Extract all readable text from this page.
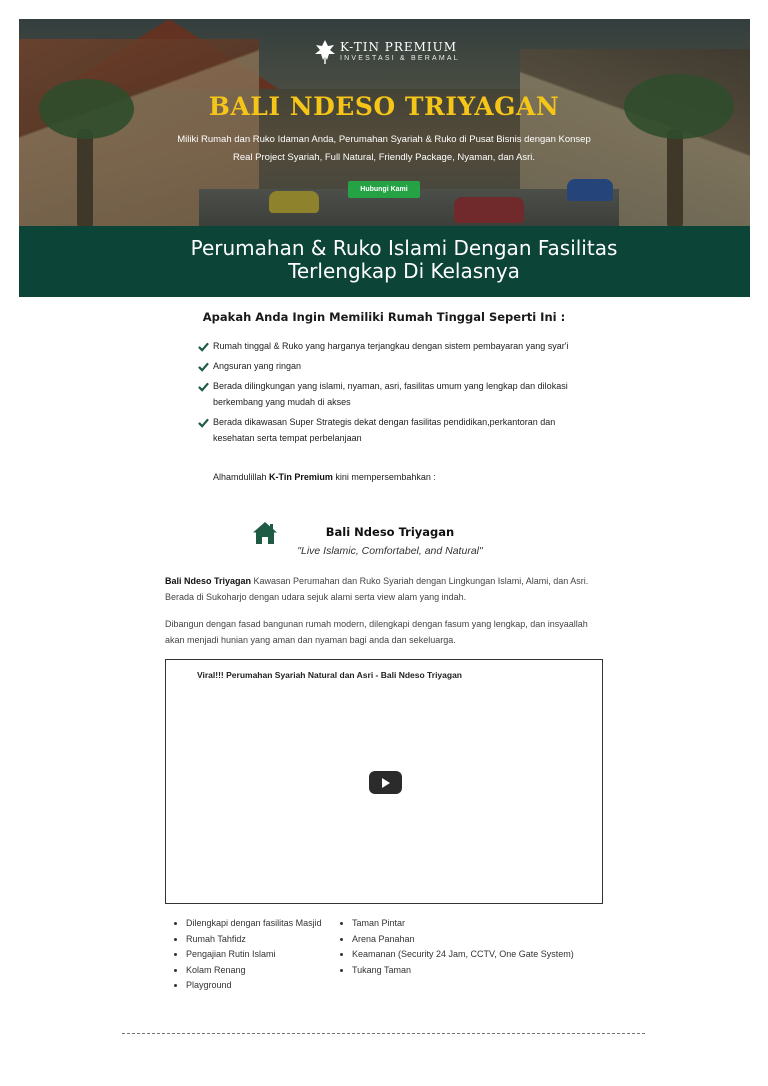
K-TIN PREMIUM
INVESTASI & BERAMAL
BALI NDESO TRIYAGAN

Miliki Rumah dan Ruko Idaman Anda, Perumahan Syariah & Ruko di Pusat Bisnis dengan Konsep Real Project Syariah, Full Natural, Friendly Package, Nyaman, dan Asri.

Hubungi Kami
Perumahan & Ruko Islami Dengan Fasilitas
Terlengkap Di Kelasnya
Apakah Anda Ingin Memiliki Rumah Tinggal Seperti Ini :
Rumah tinggal & Ruko yang harganya terjangkau dengan sistem pembayaran yang syar'i
Angsuran yang ringan
Berada dilingkungan yang islami, nyaman, asri, fasilitas umum yang lengkap dan dilokasi berkembang yang mudah di akses
Berada dikawasan Super Strategis dekat dengan fasilitas pendidikan,perkantoran dan kesehatan serta tempat perbelanjaan

Alhamdulillah K-Tin Premium kini mempersembahkan :

Bali Ndeso Triyagan

"Live Islamic, Comfortabel, and Natural"

Bali Ndeso Triyagan Kawasan Perumahan dan Ruko Syariah dengan Lingkungan Islami, Alami, dan Asri. Berada di Sukoharjo dengan udara sejuk alami serta view alam yang indah.

Dibangun dengan fasad bangunan rumah modern, dilengkapi dengan fasum yang lengkap, dan insyaallah akan menjadi hunian yang aman dan nyaman bagi anda dan sekeluarga.

Viral!!! Perumahan Syariah Natural dan Asri - Bali Ndeso Triyagan

• Dilengkapi dengan fasilitas Masjid
• Rumah Tahfidz
• Pengajian Rutin Islami
• Kolam Renang
• Playground
• Taman Pintar
• Arena Panahan
• Keamanan (Security 24 Jam, CCTV, One Gate System)
• Tukang Taman
